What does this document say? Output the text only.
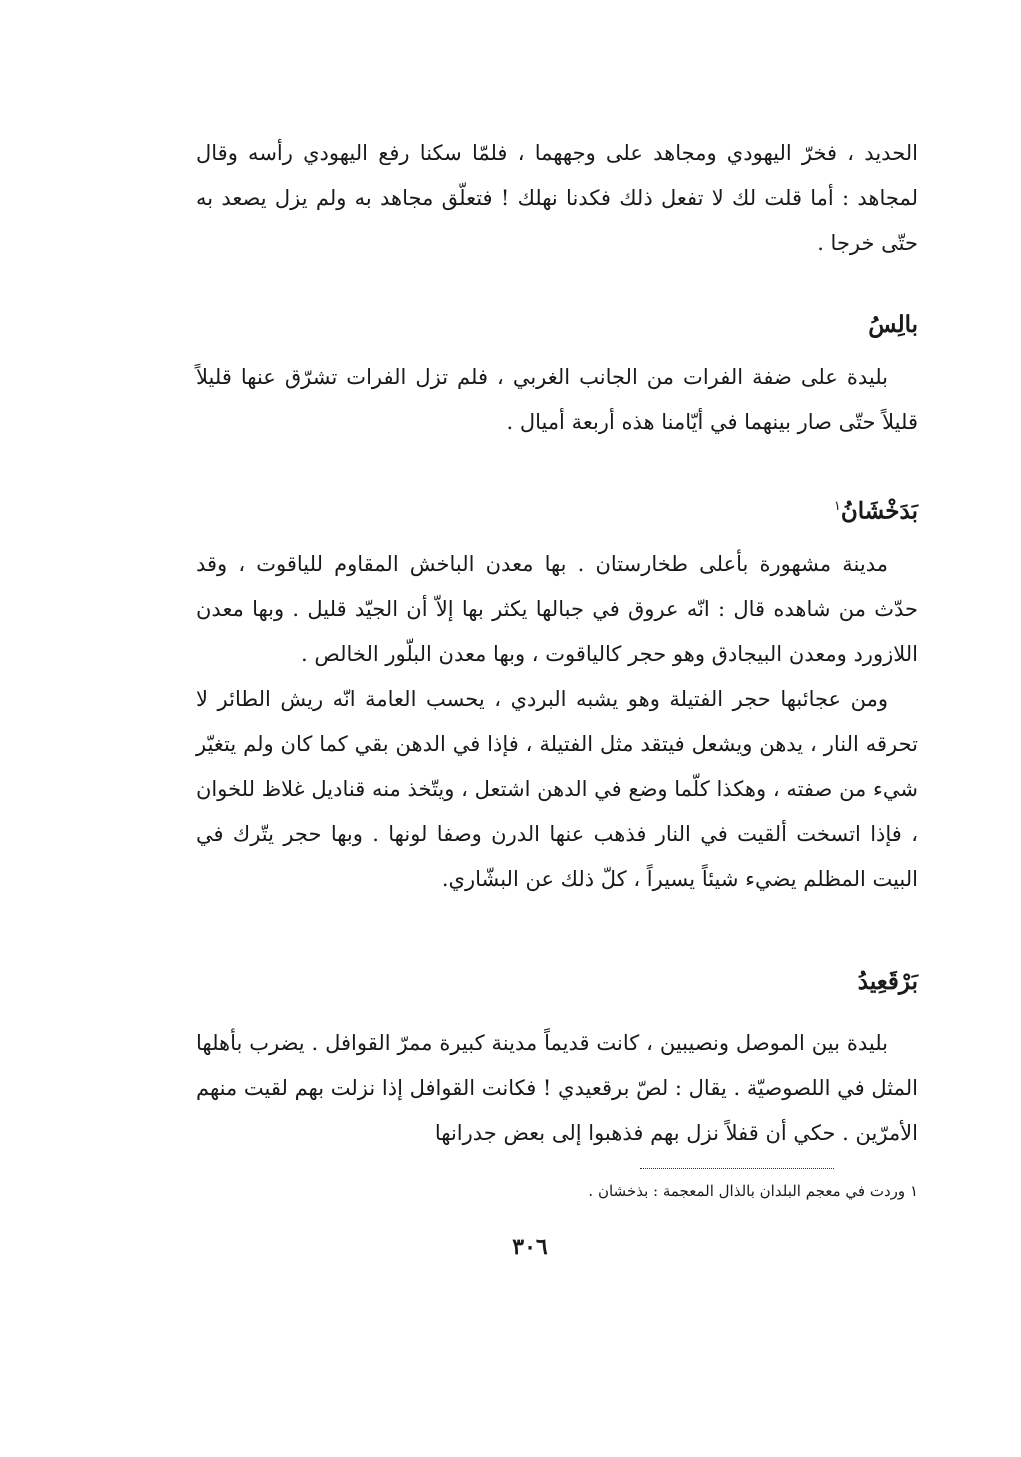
الحديد ، فخرّ اليهودي ومجاهد على وجههما ، فلمّا سكنا رفع اليهودي رأسه وقال لمجاهد : أما قلت لك لا تفعل ذلك فكدنا نهلك ! فتعلّق مجاهد به ولم يزل يصعد به حتّى خرجا .

بالِسُ

بليدة على ضفة الفرات من الجانب الغربي ، فلم تزل الفرات تشرّق عنها قليلاً قليلاً حتّى صار بينهما في أيّامنا هذه أربعة أميال .

بَدَخْشَانُ$^١$

مدينة مشهورة بأعلى طخارستان . بها معدن الباخش المقاوم للياقوت ، وقد حدّث من شاهده قال : انّه عروق في جبالها يكثر بها إلاّ أن الجيّد قليل . وبها معدن اللازورد ومعدن البيجادق وهو حجر كالياقوت ، وبها معدن البلّور الخالص .

ومن عجائبها حجر الفتيلة وهو يشبه البردي ، يحسب العامة انّه ريش الطائر لا تحرقه النار ، يدهن ويشعل فيتقد مثل الفتيلة ، فإذا في الدهن بقي كما كان ولم يتغيّر شيء من صفته ، وهكذا كلّما وضع في الدهن اشتعل ، ويتّخذ منه قناديل غلاظ للخوان ، فإذا اتسخت ألقيت في النار فذهب عنها الدرن وصفا لونها . وبها حجر يتّرك في البيت المظلم يضيء شيئاً يسيراً ، كلّ ذلك عن البشّاري.

بَرْقَعِيدُ

بليدة بين الموصل ونصيبين ، كانت قديماً مدينة كبيرة ممرّ القوافل . يضرب بأهلها المثل في اللصوصيّة . يقال : لصّ برقعيدي ! فكانت القوافل إذا نزلت بهم لقيت منهم الأمرّين . حكي أن قفلاً نزل بهم فذهبوا إلى بعض جدرانها

١ وردت في معجم البلدان بالذال المعجمة : بذخشان .

٣٠٦
